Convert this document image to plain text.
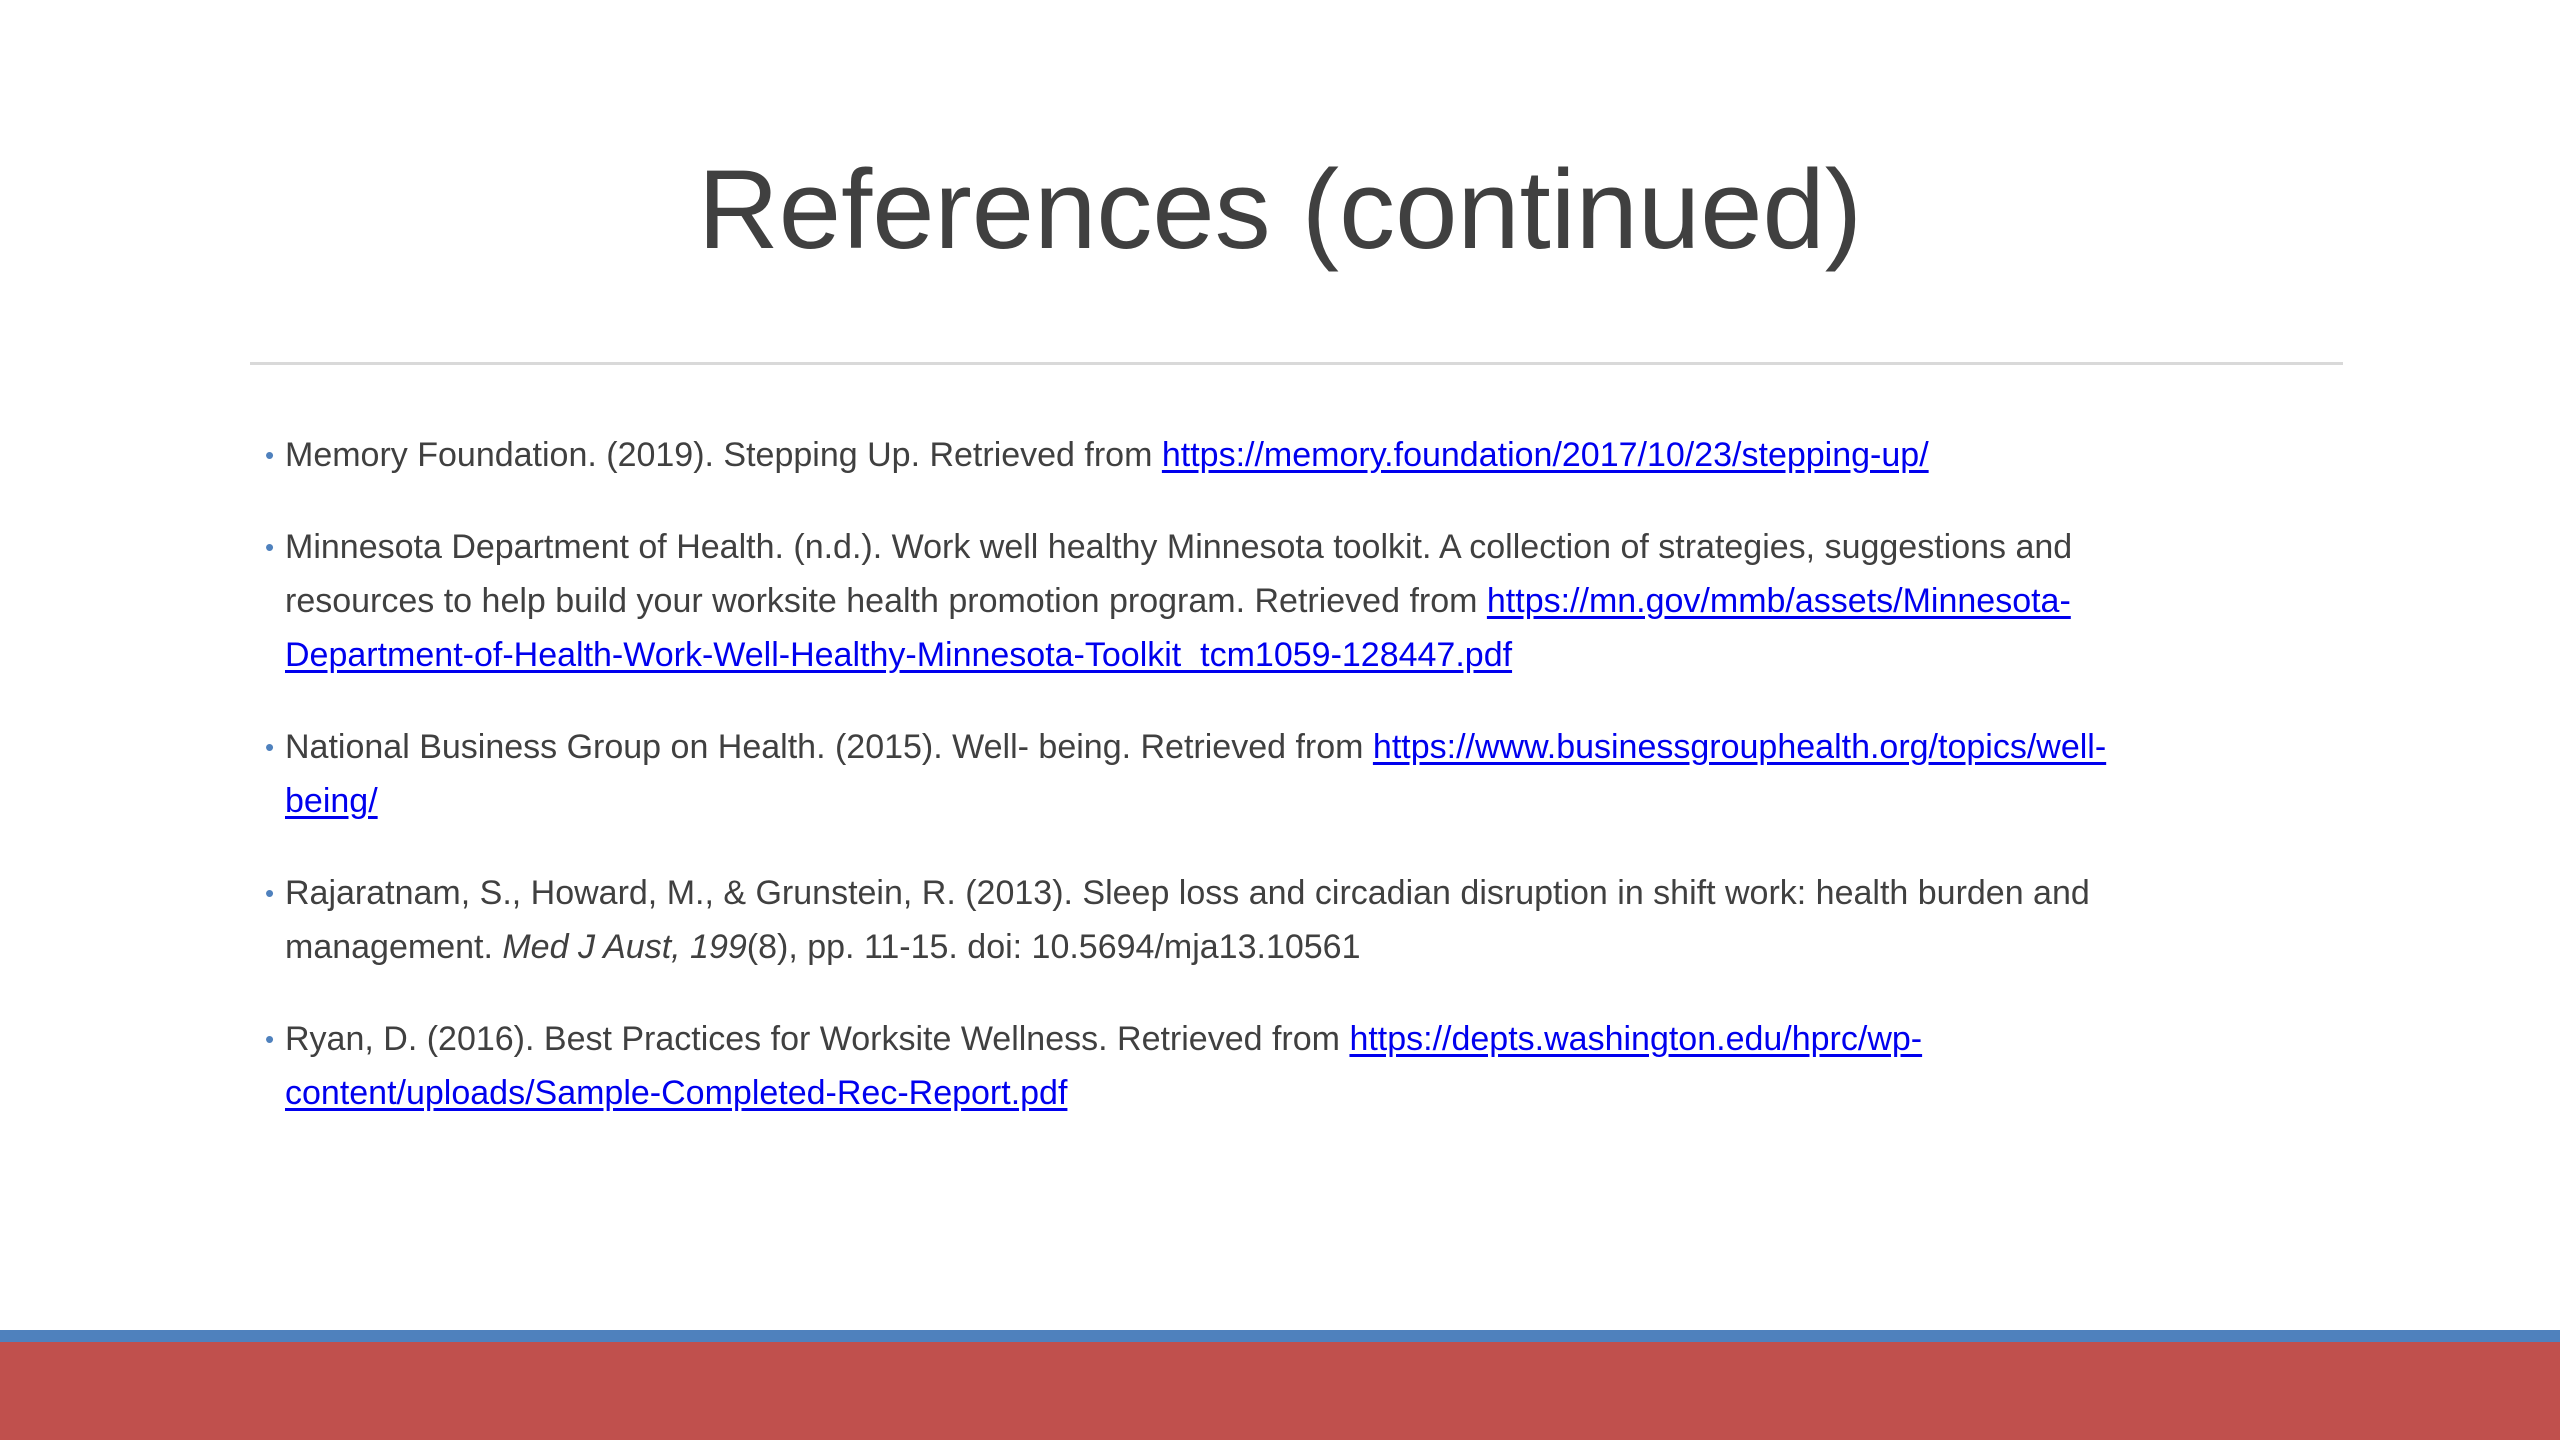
References (continued)
• Memory Foundation. (2019). Stepping Up. Retrieved from https://memory.foundation/2017/10/23/stepping-up/
• Minnesota Department of Health. (n.d.). Work well healthy Minnesota toolkit. A collection of strategies, suggestions and resources to help build your worksite health promotion program. Retrieved from https://mn.gov/mmb/assets/Minnesota-Department-of-Health-Work-Well-Healthy-Minnesota-Toolkit_tcm1059-128447.pdf
• National Business Group on Health. (2015). Well- being. Retrieved from https://www.businessgrouphealth.org/topics/well-being/
• Rajaratnam, S., Howard, M., & Grunstein, R. (2013). Sleep loss and circadian disruption in shift work: health burden and management. Med J Aust, 199(8), pp. 11-15. doi: 10.5694/mja13.10561
• Ryan, D. (2016). Best Practices for Worksite Wellness. Retrieved from https://depts.washington.edu/hprc/wp-content/uploads/Sample-Completed-Rec-Report.pdf
